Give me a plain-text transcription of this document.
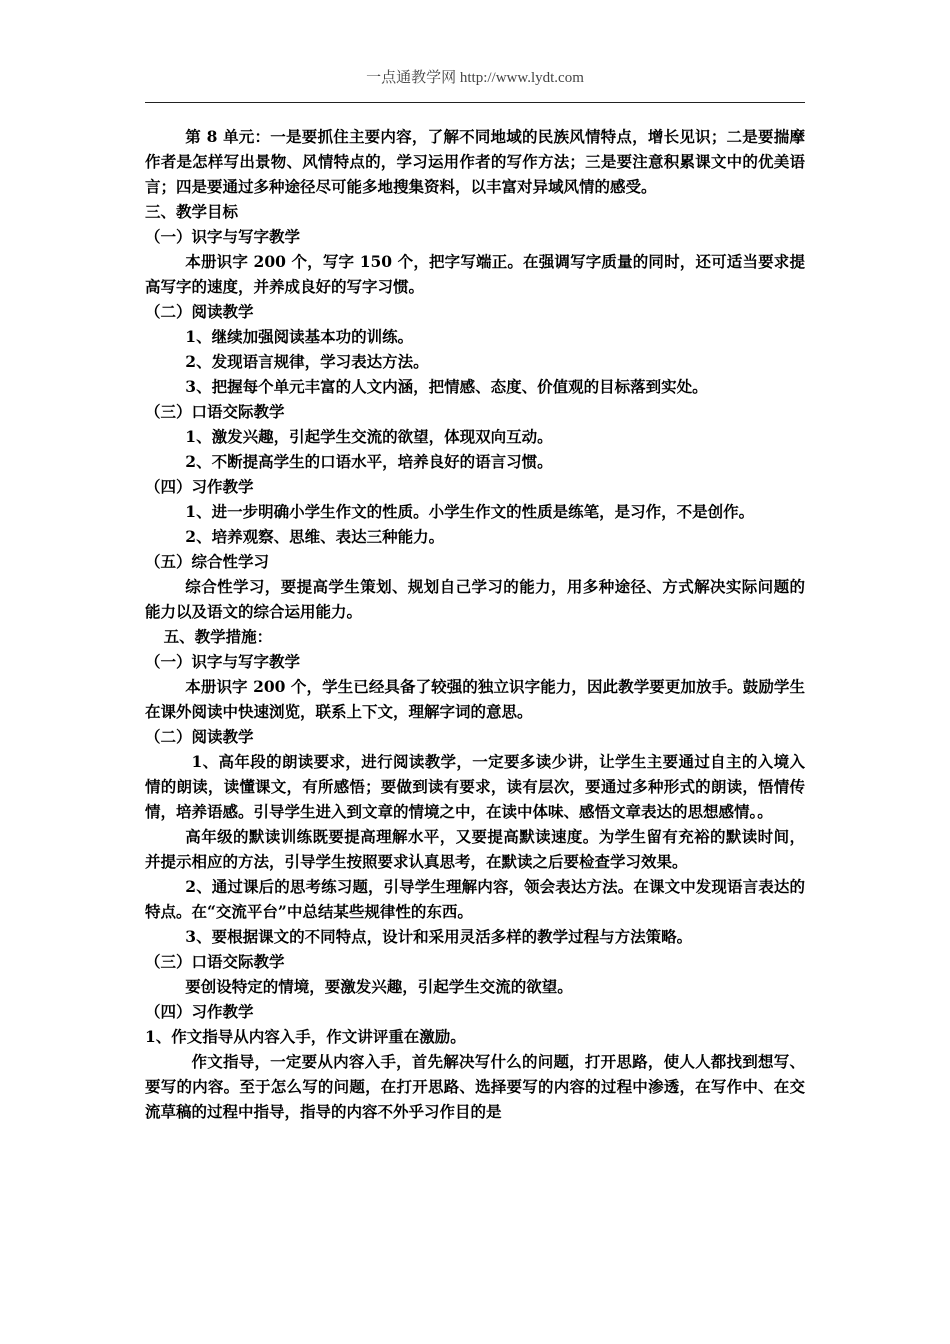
一点通教学网 http://www.lydt.com

第 8 单元：一是要抓住主要内容，了解不同地域的民族风情特点，增长见识；二是要揣摩作者是怎样写出景物、风情特点的，学习运用作者的写作方法；三是要注意积累课文中的优美语言；四是要通过多种途径尽可能多地搜集资料，以丰富对异域风情的感受。

三、教学目标

（一）识字与写字教学

本册识字 200 个，写字 150 个，把字写端正。在强调写字质量的同时，还可适当要求提高写字的速度，并养成良好的写字习惯。

（二）阅读教学

1、继续加强阅读基本功的训练。

2、发现语言规律，学习表达方法。

3、把握每个单元丰富的人文内涵，把情感、态度、价值观的目标落到实处。

（三）口语交际教学

1、激发兴趣，引起学生交流的欲望，体现双向互动。

2、不断提高学生的口语水平，培养良好的语言习惯。

（四）习作教学

1、进一步明确小学生作文的性质。小学生作文的性质是练笔，是习作，不是创作。

2、培养观察、思维、表达三种能力。

（五）综合性学习

综合性学习，要提高学生策划、规划自己学习的能力，用多种途径、方式解决实际问题的能力以及语文的综合运用能力。

五、教学措施：

（一）识字与写字教学

本册识字 200 个，学生已经具备了较强的独立识字能力，因此教学要更加放手。鼓励学生在课外阅读中快速浏览，联系上下文，理解字词的意思。

（二）阅读教学

1、高年段的朗读要求，进行阅读教学，一定要多读少讲，让学生主要通过自主的入境入情的朗读，读懂课文，有所感悟；要做到读有要求，读有层次，要通过多种形式的朗读，悟情传情，培养语感。引导学生进入到文章的情境之中，在读中体味、感悟文章表达的思想感情。。

高年级的默读训练既要提高理解水平，又要提高默读速度。为学生留有充裕的默读时间，并提示相应的方法，引导学生按照要求认真思考，在默读之后要检查学习效果。

2、通过课后的思考练习题，引导学生理解内容，领会表达方法。在课文中发现语言表达的特点。在“交流平台”中总结某些规律性的东西。

3、要根据课文的不同特点，设计和采用灵活多样的教学过程与方法策略。

（三）口语交际教学

要创设特定的情境，要激发兴趣，引起学生交流的欲望。

（四）习作教学

1、作文指导从内容入手，作文讲评重在激励。

作文指导，一定要从内容入手，首先解决写什么的问题，打开思路，使人人都找到想写、要写的内容。至于怎么写的问题，在打开思路、选择要写的内容的过程中渗透，在写作中、在交流草稿的过程中指导，指导的内容不外乎习作目的是
